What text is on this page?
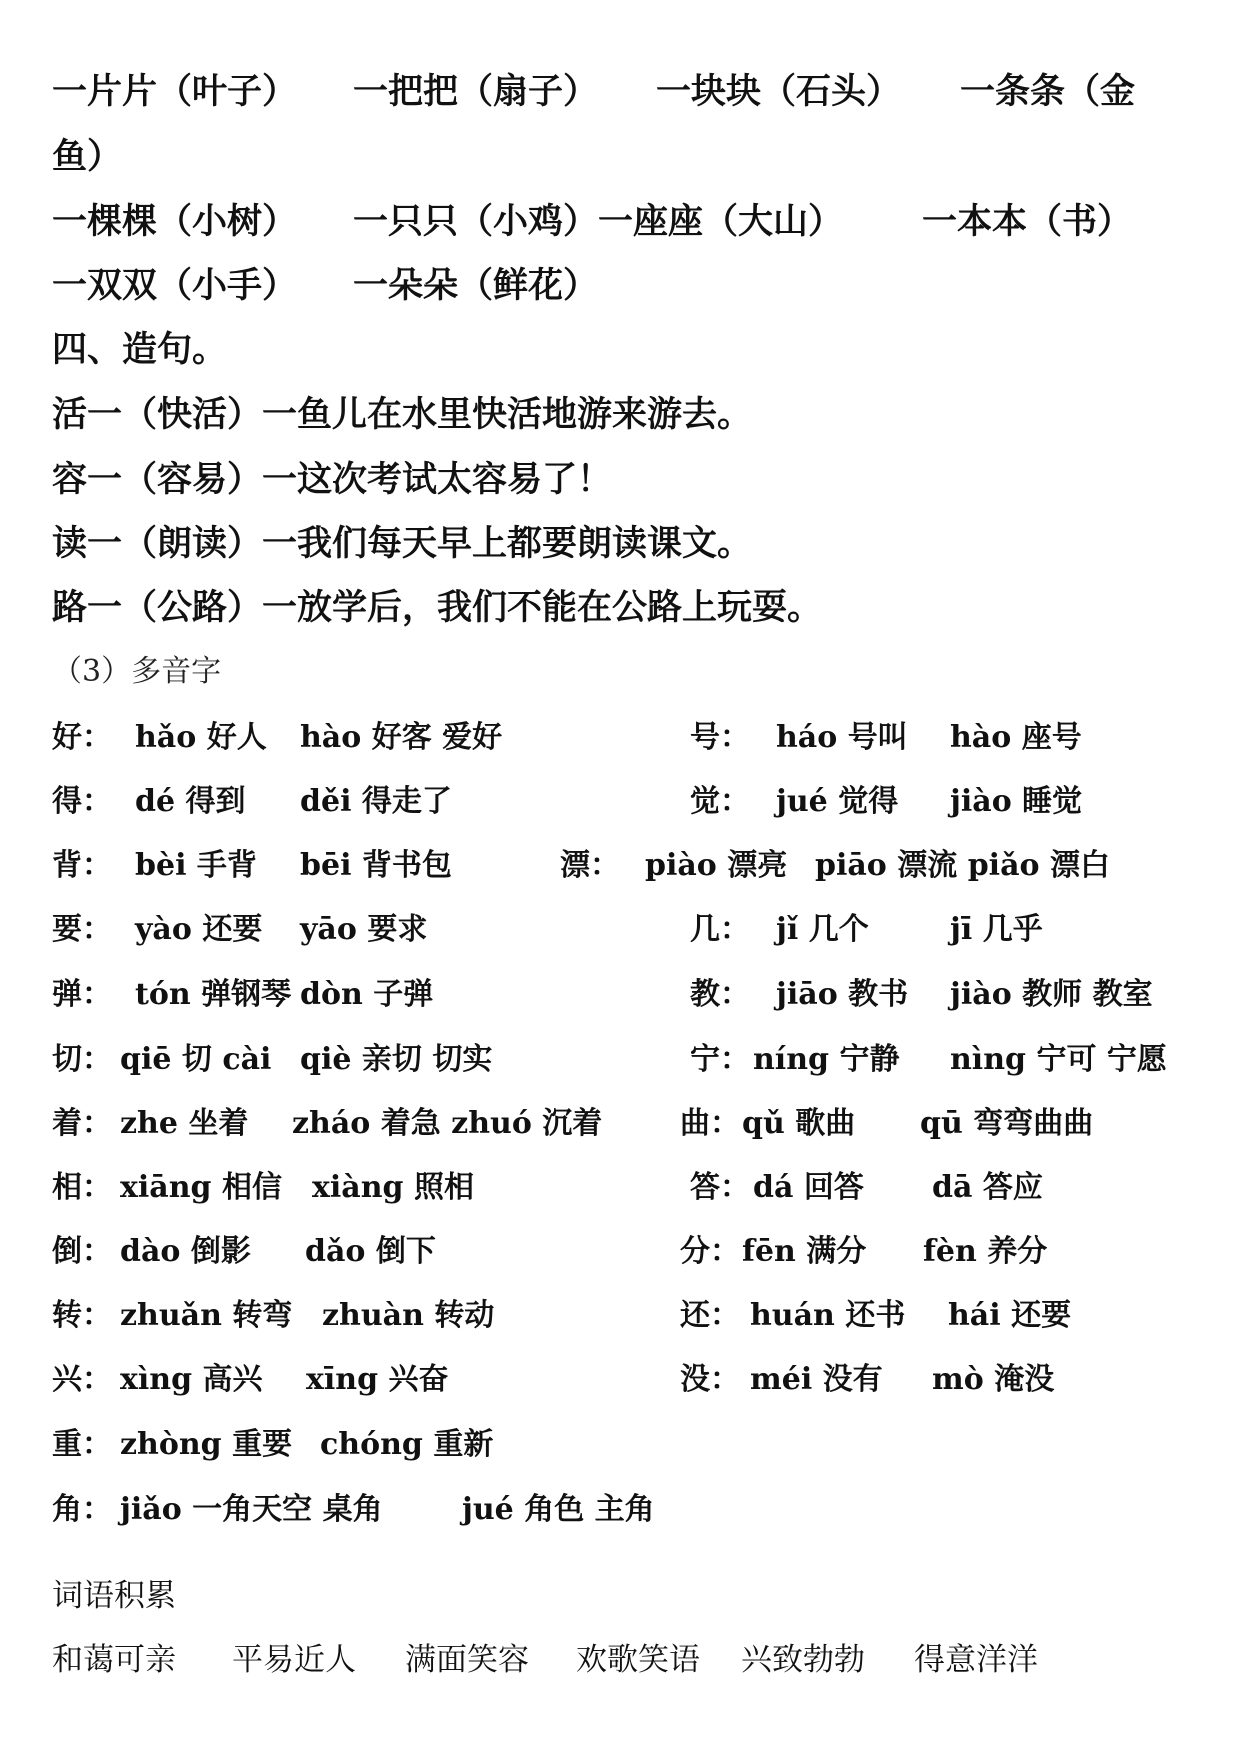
一片片（叶子） 一把把（扇子） 一块块（石头） 一条条（金
鱼）
一棵棵（小树） 一只只（小鸡）一座座（大山） 一本本（书）
一双双（小手） 一朵朵（鲜花）
四、造句。
活一（快活）一鱼儿在水里快活地游来游去。
容一（容易）一这次考试太容易了！
读一（朗读）一我们每天早上都要朗读课文。
路一（公路）一放学后，我们不能在公路上玩耍。
（3）多音字
好： hǎo 好人 hào 好客 爱好	号： háo 号叫 hào 座号
得： dé 得到 děi 得走了	觉： jué 觉得 jiào 睡觉
背： bèi 手背 bēi 背书包	漂： piào 漂亮 piāo 漂流 piǎo 漂白
要： yào 还要 yāo 要求	几： jǐ 几个	jī 几乎
弹： tón 弹钢琴 dòn 子弹	教： jiāo 教书 jiào 教师 教室
切： qiē 切 cài qiè 亲切 切实	宁： níng 宁静 nìng 宁可 宁愿
着： zhe 坐着 zháo 着急 zhuó 沉着	曲： qǔ 歌曲 qū 弯弯曲曲
相： xiāng 相信 xiàng 照相	答： dá 回答 dā 答应
倒： dào 倒影 dǎo 倒下	分： fēn 满分 fèn 养分
转： zhuǎn 转弯 zhuàn 转动	还： huán 还书 hái 还要
兴： xìng 高兴 xīng 兴奋	没： méi 没有 mò 淹没
重： zhòng 重要 chóng 重新
角： jiǎo 一角天空 桌角	jué 角色 主角
词语积累
和蔼可亲 平易近人 满面笑容 欢歌笑语 兴致勃勃 得意洋洋
